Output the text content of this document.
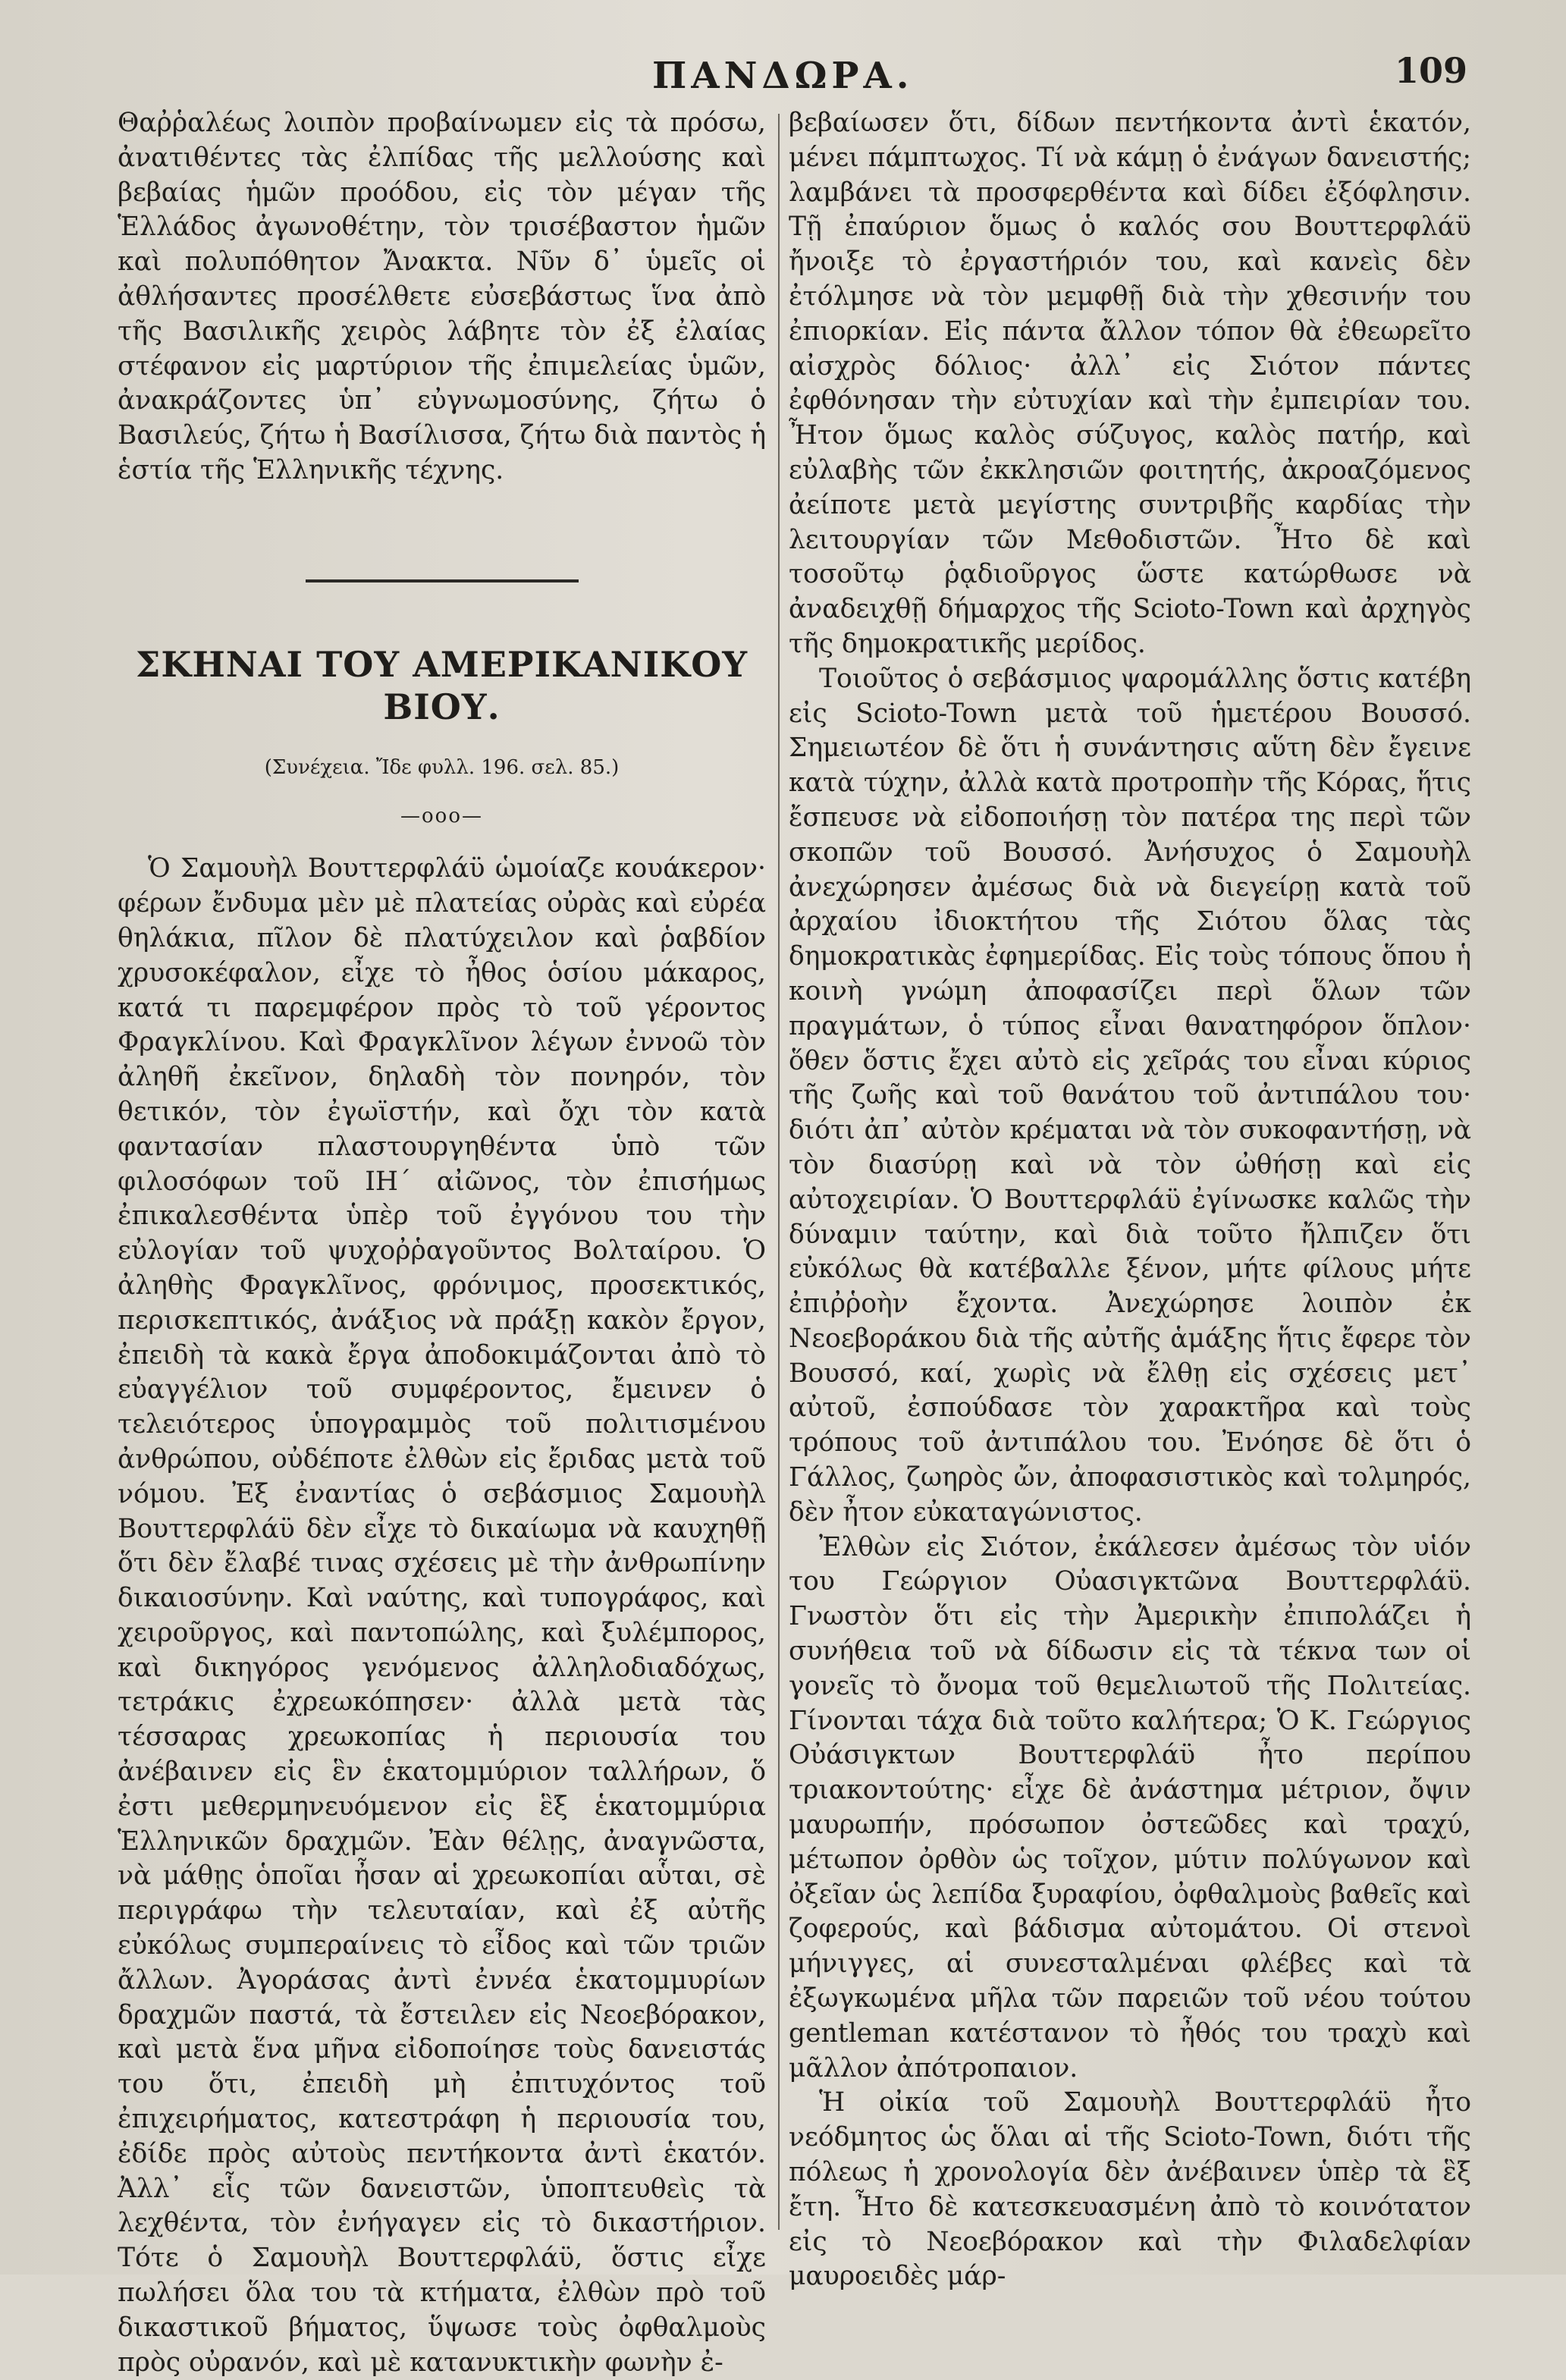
ΠΑΝΔΩΡΑ.	109

Θαῤῥαλέως λοιπὸν προβαίνωμεν εἰς τὰ πρόσω, ἀνατιθέντες τὰς ἐλπίδας τῆς μελλούσης καὶ βεβαίας ἡμῶν προόδου, εἰς τὸν μέγαν τῆς Ἑλλάδος ἀγωνοθέτην, τὸν τρισέβαστον ἡμῶν καὶ πολυπόθητον Ἄνακτα. Νῦν δ᾽ ὑμεῖς οἱ ἀθλήσαντες προσέλθετε εὐσεβάστως ἵνα ἀπὸ τῆς Βασιλικῆς χειρὸς λάβητε τὸν ἐξ ἐλαίας στέφανον εἰς μαρτύριον τῆς ἐπιμελείας ὑμῶν, ἀνακράζοντες ὑπ᾽ εὐγνωμοσύνης, ζήτω ὁ Βασιλεύς, ζήτω ἡ Βασίλισσα, ζήτω διὰ παντὸς ἡ ἑστία τῆς Ἑλληνικῆς τέχνης.

ΣΚΗΝΑΙ ΤΟΥ ΑΜΕΡΙΚΑΝΙΚΟΥ ΒΙΟΥ.
(Συνέχεια. Ἴδε φυλλ. 196. σελ. 85.)
—ooo—

Ὁ Σαμουὴλ Βουττερφλάϋ ὡμοίαζε κουάκερον· φέρων ἔνδυμα μὲν μὲ πλατείας οὐρὰς καὶ εὐρέα θηλάκια, πῖλον δὲ πλατύχειλον καὶ ῥαβδίον χρυσοκέφαλον, εἶχε τὸ ἦθος ὁσίου μάκαρος, κατά τι παρεμφέρον πρὸς τὸ τοῦ γέροντος Φραγκλίνου. Καὶ Φραγκλῖνον λέγων ἐννοῶ τὸν ἀληθῆ ἐκεῖνον, δηλαδὴ τὸν πονηρόν, τὸν θετικόν, τὸν ἐγωϊστήν, καὶ ὄχι τὸν κατὰ φαντασίαν πλαστουργηθέντα ὑπὸ τῶν φιλοσόφων τοῦ ΙΗ΄ αἰῶνος, τὸν ἐπισήμως ἐπικαλεσθέντα ὑπὲρ τοῦ ἐγγόνου του τὴν εὐλογίαν τοῦ ψυχοῤῥαγοῦντος Βολταίρου. Ὁ ἀληθὴς Φραγκλῖνος, φρόνιμος, προσεκτικός, περισκεπτικός, ἀνάξιος νὰ πράξῃ κακὸν ἔργον, ἐπειδὴ τὰ κακὰ ἔργα ἀποδοκιμάζονται ἀπὸ τὸ εὐαγγέλιον τοῦ συμφέροντος, ἔμεινεν ὁ τελειότερος ὑπογραμμὸς τοῦ πολιτισμένου ἀνθρώπου, οὐδέποτε ἐλθὼν εἰς ἔριδας μετὰ τοῦ νόμου. Ἐξ ἐναντίας ὁ σεβάσμιος Σαμουὴλ Βουττερφλάϋ δὲν εἶχε τὸ δικαίωμα νὰ καυχηθῇ ὅτι δὲν ἔλαβέ τινας σχέσεις μὲ τὴν ἀνθρωπίνην δικαιοσύνην. Καὶ ναύτης, καὶ τυπογράφος, καὶ χειροῦργος, καὶ παντοπώλης, καὶ ξυλέμπορος, καὶ δικηγόρος γενόμενος ἀλληλοδιαδόχως, τετράκις ἐχρεωκόπησεν· ἀλλὰ μετὰ τὰς τέσσαρας χρεωκοπίας ἡ περιουσία του ἀνέβαινεν εἰς ἓν ἑκατομμύριον ταλλήρων, ὅ ἐστι μεθερμηνευόμενον εἰς ἓξ ἑκατομμύρια Ἑλληνικῶν δραχμῶν. Ἐὰν θέλῃς, ἀναγνῶστα, νὰ μάθῃς ὁποῖαι ἦσαν αἱ χρεωκοπίαι αὗται, σὲ περιγράφω τὴν τελευταίαν, καὶ ἐξ αὐτῆς εὐκόλως συμπεραίνεις τὸ εἶδος καὶ τῶν τριῶν ἄλλων. Ἀγοράσας ἀντὶ ἐννέα ἑκατομμυρίων δραχμῶν παστά, τὰ ἔστειλεν εἰς Νεοεβόρακον, καὶ μετὰ ἕνα μῆνα εἰδοποίησε τοὺς δανειστάς του ὅτι, ἐπειδὴ μὴ ἐπιτυχόντος τοῦ ἐπιχειρήματος, κατεστράφη ἡ περιουσία του, ἐδίδε πρὸς αὐτοὺς πεντήκοντα ἀντὶ ἑκατόν. Ἀλλ᾽ εἷς τῶν δανειστῶν, ὑποπτευθεὶς τὰ λεχθέντα, τὸν ἐνήγαγεν εἰς τὸ δικαστήριον. Τότε ὁ Σαμουὴλ Βουττερφλάϋ, ὅστις εἶχε πωλήσει ὅλα του τὰ κτήματα, ἐλθὼν πρὸ τοῦ δικαστικοῦ βήματος, ὕψωσε τοὺς ὀφθαλμοὺς πρὸς οὐρανόν, καὶ μὲ κατανυκτικὴν φωνὴν ἐ-

βεβαίωσεν ὅτι, δίδων πεντήκοντα ἀντὶ ἑκατόν, μένει πάμπτωχος. Τί νὰ κάμῃ ὁ ἐνάγων δανειστής; λαμβάνει τὰ προσφερθέντα καὶ δίδει ἐξόφλησιν. Τῇ ἐπαύριον ὅμως ὁ καλός σου Βουττερφλάϋ ἤνοιξε τὸ ἐργαστήριόν του, καὶ κανεὶς δὲν ἐτόλμησε νὰ τὸν μεμφθῇ διὰ τὴν χθεσινήν του ἐπιορκίαν. Εἰς πάντα ἄλλον τόπον θὰ ἐθεωρεῖτο αἰσχρὸς δόλιος· ἀλλ᾽ εἰς Σιότον πάντες ἐφθόνησαν τὴν εὐτυχίαν καὶ τὴν ἐμπειρίαν του. Ἦτον ὅμως καλὸς σύζυγος, καλὸς πατήρ, καὶ εὐλαβὴς τῶν ἐκκλησιῶν φοιτητής, ἀκροαζόμενος ἀείποτε μετὰ μεγίστης συντριβῆς καρδίας τὴν λειτουργίαν τῶν Μεθοδιστῶν. Ἦτο δὲ καὶ τοσοῦτῳ ῥᾳδιοῦργος ὥστε κατώρθωσε νὰ ἀναδειχθῇ δήμαρχος τῆς Scioto-Town καὶ ἀρχηγὸς τῆς δημοκρατικῆς μερίδος.

Τοιοῦτος ὁ σεβάσμιος ψαρομάλλης ὅστις κατέβη εἰς Scioto-Town μετὰ τοῦ ἡμετέρου Βουσσό. Σημειωτέον δὲ ὅτι ἡ συνάντησις αὕτη δὲν ἔγεινε κατὰ τύχην, ἀλλὰ κατὰ προτροπὴν τῆς Κόρας, ἥτις ἔσπευσε νὰ εἰδοποιήσῃ τὸν πατέρα της περὶ τῶν σκοπῶν τοῦ Βουσσό. Ἀνήσυχος ὁ Σαμουὴλ ἀνεχώρησεν ἀμέσως διὰ νὰ διεγείρῃ κατὰ τοῦ ἀρχαίου ἰδιοκτήτου τῆς Σιότου ὅλας τὰς δημοκρατικὰς ἐφημερίδας. Εἰς τοὺς τόπους ὅπου ἡ κοινὴ γνώμη ἀποφασίζει περὶ ὅλων τῶν πραγμάτων, ὁ τύπος εἶναι θανατηφόρον ὅπλον· ὅθεν ὅστις ἔχει αὐτὸ εἰς χεῖράς του εἶναι κύριος τῆς ζωῆς καὶ τοῦ θανάτου τοῦ ἀντιπάλου του· διότι ἀπ᾽ αὐτὸν κρέμαται νὰ τὸν συκοφαντήσῃ, νὰ τὸν διασύρῃ καὶ νὰ τὸν ὠθήσῃ καὶ εἰς αὐτοχειρίαν. Ὁ Βουττερφλάϋ ἐγίνωσκε καλῶς τὴν δύναμιν ταύτην, καὶ διὰ τοῦτο ἤλπιζεν ὅτι εὐκόλως θὰ κατέβαλλε ξένον, μήτε φίλους μήτε ἐπιῤῥοὴν ἔχοντα. Ἀνεχώρησε λοιπὸν ἐκ Νεοεβοράκου διὰ τῆς αὐτῆς ἁμάξης ἥτις ἔφερε τὸν Βουσσό, καί, χωρὶς νὰ ἔλθῃ εἰς σχέσεις μετ᾽ αὐτοῦ, ἐσπούδασε τὸν χαρακτῆρα καὶ τοὺς τρόπους τοῦ ἀντιπάλου του. Ἐνόησε δὲ ὅτι ὁ Γάλλος, ζωηρὸς ὤν, ἀποφασιστικὸς καὶ τολμηρός, δὲν ἦτον εὐκαταγώνιστος.

Ἐλθὼν εἰς Σιότον, ἐκάλεσεν ἀμέσως τὸν υἱόν του Γεώργιον Οὐασιγκτῶνα Βουττερφλάϋ. Γνωστὸν ὅτι εἰς τὴν Ἀμερικὴν ἐπιπολάζει ἡ συνήθεια τοῦ νὰ δίδωσιν εἰς τὰ τέκνα των οἱ γονεῖς τὸ ὄνομα τοῦ θεμελιωτοῦ τῆς Πολιτείας. Γίνονται τάχα διὰ τοῦτο καλήτερα; Ὁ Κ. Γεώργιος Οὐάσιγκτων Βουττερφλάϋ ἦτο περίπου τριακοντούτης· εἶχε δὲ ἀνάστημα μέτριον, ὄψιν μαυρωπήν, πρόσωπον ὀστεῶδες καὶ τραχύ, μέτωπον ὀρθὸν ὡς τοῖχον, μύτιν πολύγωνον καὶ ὀξεῖαν ὡς λεπίδα ξυραφίου, ὀφθαλμοὺς βαθεῖς καὶ ζοφερούς, καὶ βάδισμα αὐτομάτου. Οἱ στενοὶ μήνιγγες, αἱ συνεσταλμέναι φλέβες καὶ τὰ ἐξωγκωμένα μῆλα τῶν παρειῶν τοῦ νέου τούτου gentleman κατέστανον τὸ ἦθός του τραχὺ καὶ μᾶλλον ἀπότροπαιον.

Ἡ οἰκία τοῦ Σαμουὴλ Βουττερφλάϋ ἦτο νεόδμητος ὡς ὅλαι αἱ τῆς Scioto-Town, διότι τῆς πόλεως ἡ χρονολογία δὲν ἀνέβαινεν ὑπὲρ τὰ ἓξ ἔτη. Ἦτο δὲ κατεσκευασμένη ἀπὸ τὸ κοινότατον εἰς τὸ Νεοεβόρακον καὶ τὴν Φιλαδελφίαν μαυροειδὲς μάρ-
